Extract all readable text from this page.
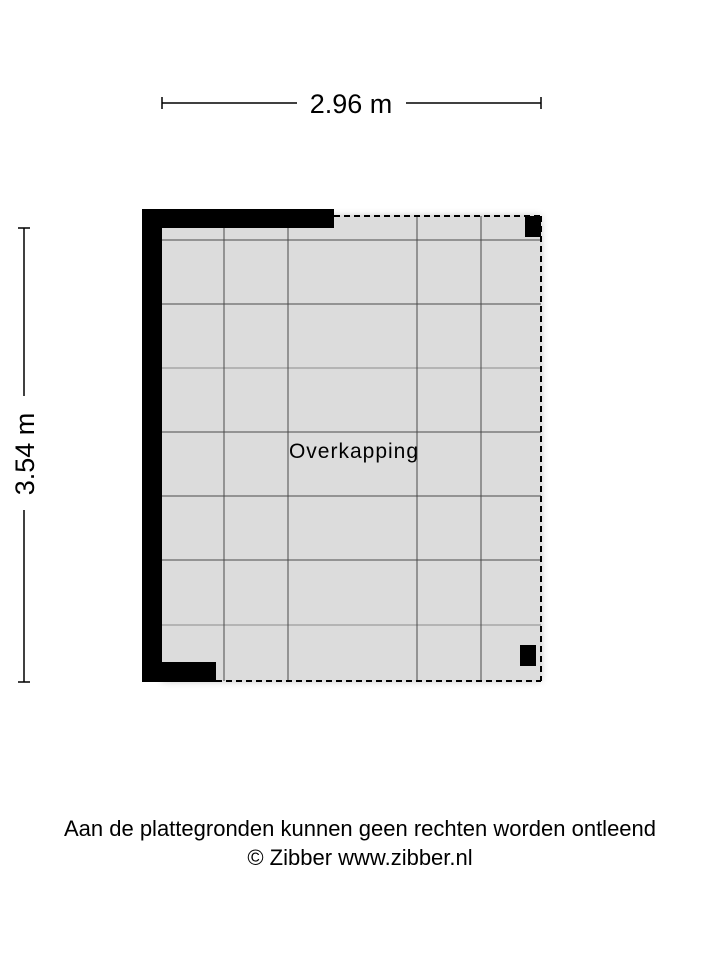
2.96 m
3.54 m	Overkapping
Aan de plattegronden kunnen geen rechten worden ontleend
© Zibber www.zibber.nl
